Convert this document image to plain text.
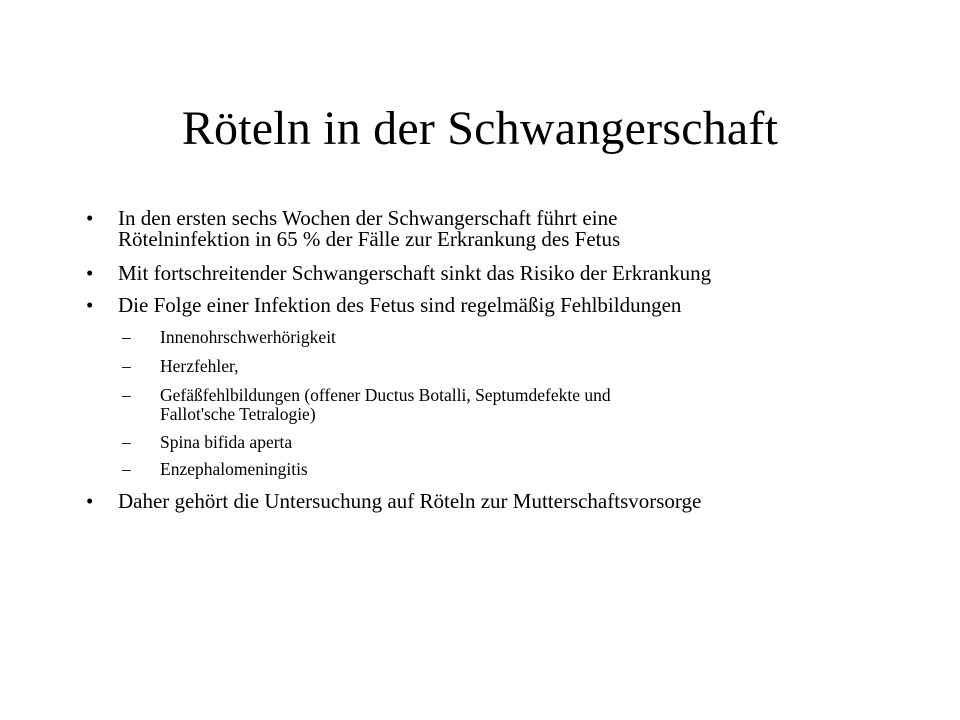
Röteln in der Schwangerschaft
•	In den ersten sechs Wochen der Schwangerschaft führt eine
Rötelninfektion in 65 % der Fälle zur Erkrankung des Fetus
•	Mit fortschreitender Schwangerschaft sinkt das Risiko der Erkrankung
•	Die Folge einer Infektion des Fetus sind regelmäßig Fehlbildungen
–	Innenohrschwerhörigkeit
–	Herzfehler,
–	Gefäßfehlbildungen (offener Ductus Botalli, Septumdefekte und
Fallot'sche Tetralogie)
–	Spina bifida aperta
–	Enzephalomeningitis
•	Daher gehört die Untersuchung auf Röteln zur Mutterschaftsvorsorge
